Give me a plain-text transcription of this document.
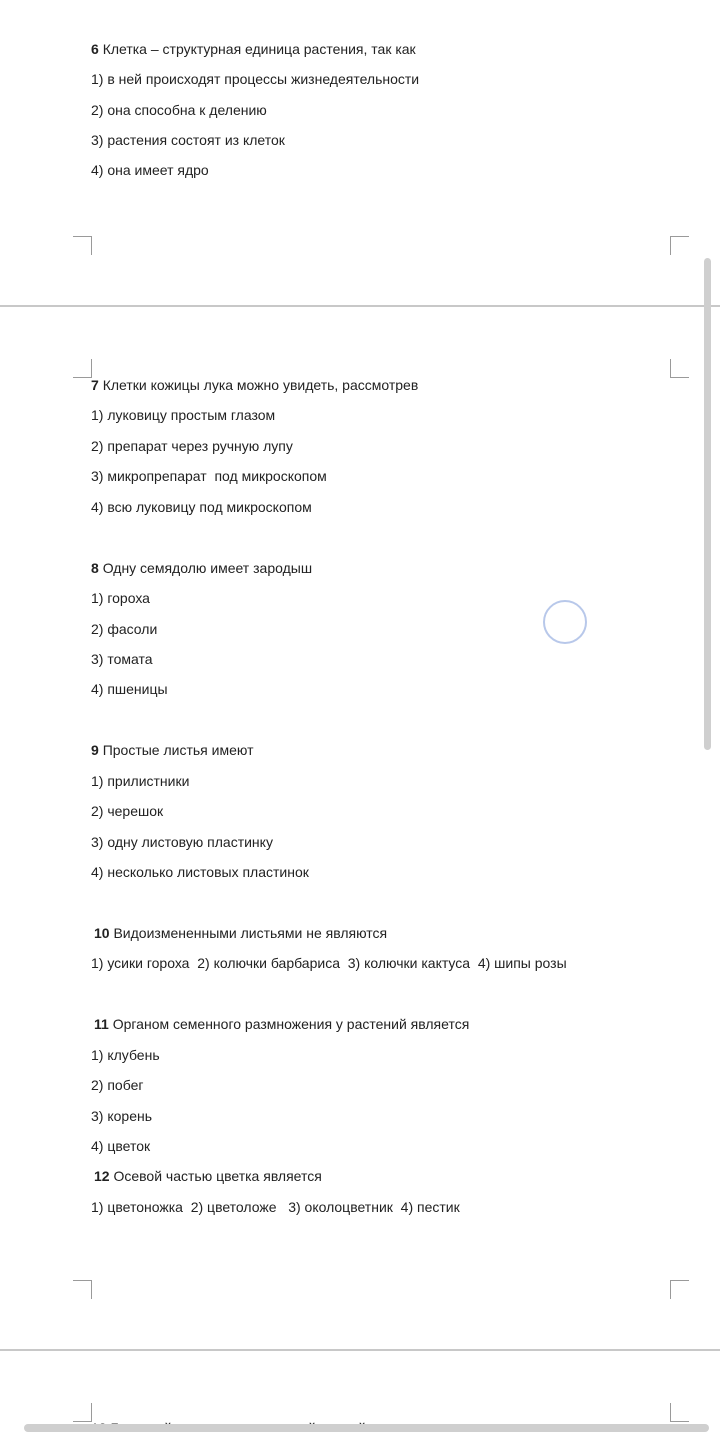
6 Клетка – структурная единица растения, так как
1) в ней происходят процессы жизнедеятельности
2) она способна к делению
3) растения состоят из клеток
4) она имеет ядро
7 Клетки кожицы лука можно увидеть, рассмотрев
1) луковицу простым глазом
2) препарат через ручную лупу
3) микропрепарат  под микроскопом
4) всю луковицу под микроскопом
8 Одну семядолю имеет зародыш
1) гороха
2) фасоли
3) томата
4) пшеницы
9 Простые листья имеют
1) прилистники
2) черешок
3) одну листовую пластинку
4) несколько листовых пластинок
10 Видоизмененными листьями не являются
1) усики гороха  2) колючки барбариса  3) колючки кактуса  4) шипы розы
11 Органом семенного размножения у растений является
1) клубень
2) побег
3) корень
4) цветок
12 Осевой частью цветка является
1) цветоножка  2) цветоложе   3) околоцветник  4) пестик
